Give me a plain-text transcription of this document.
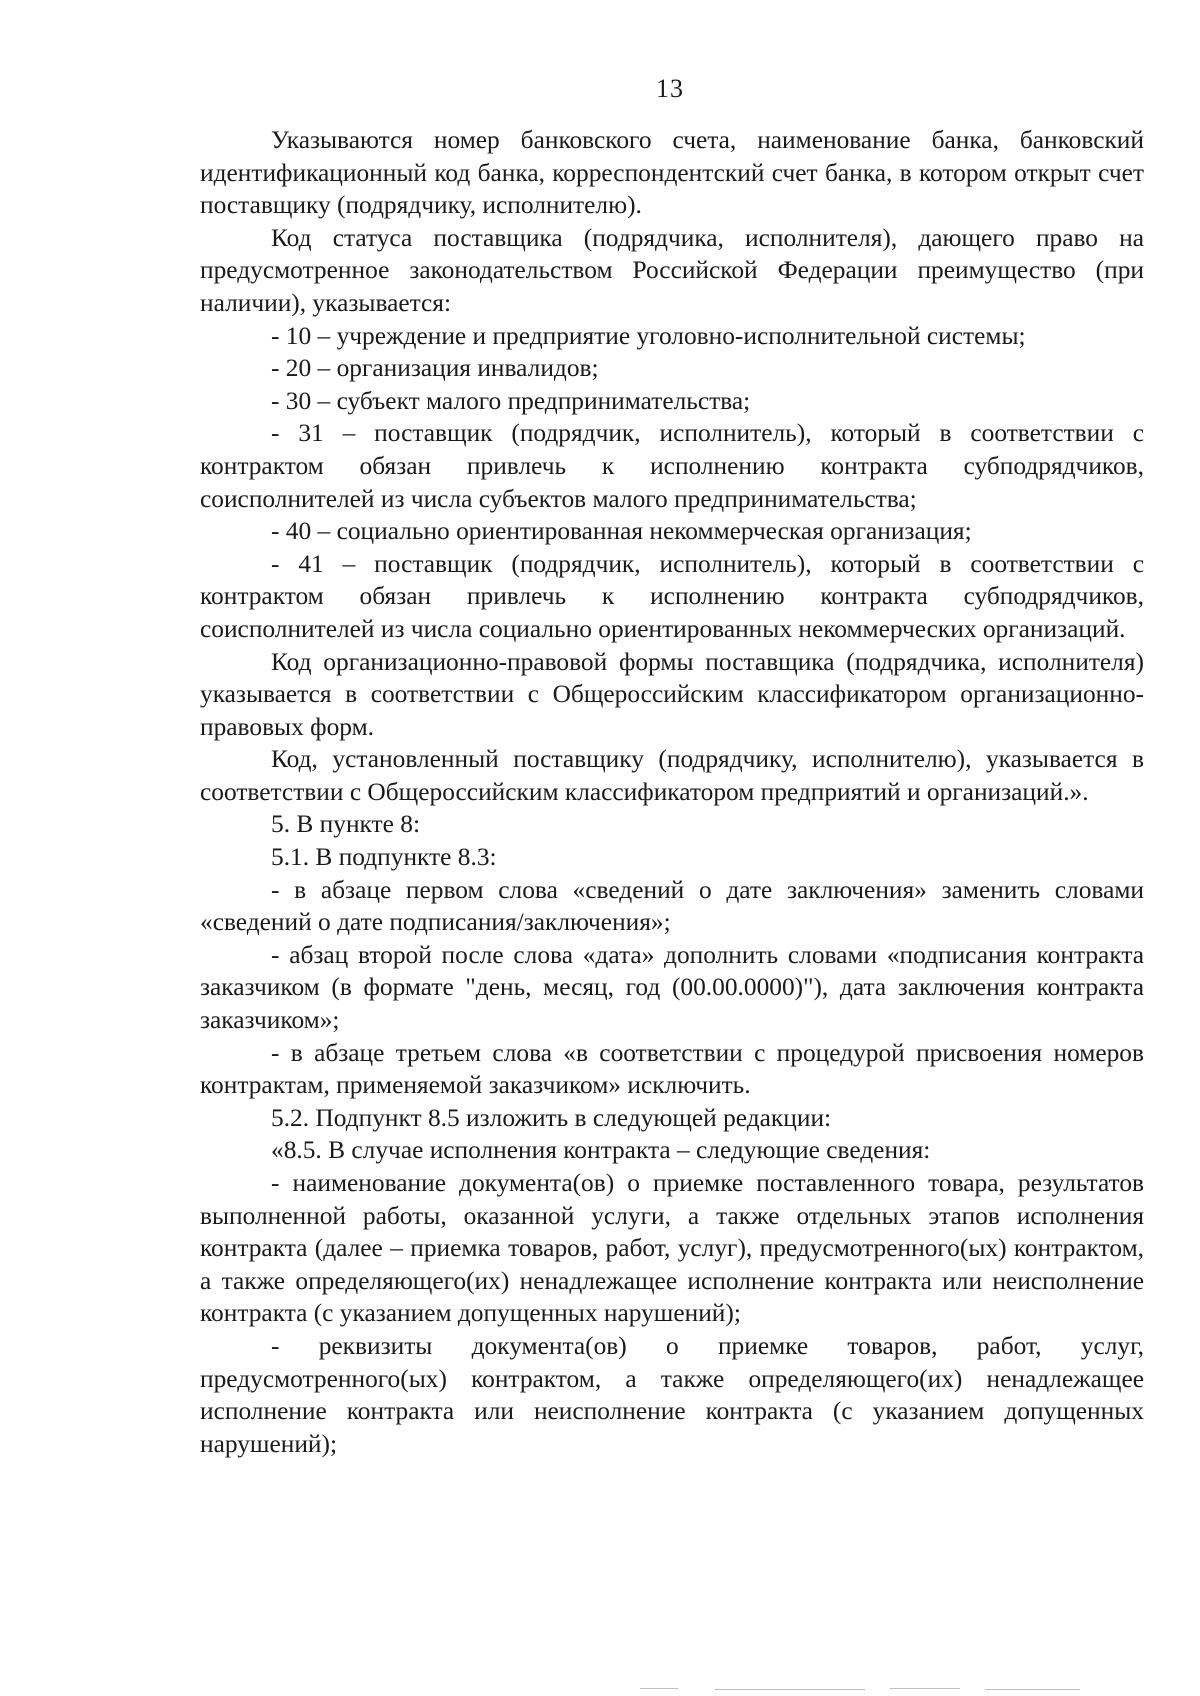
13

Указываются номер банковского счета, наименование банка, банковский идентификационный код банка, корреспондентский счет банка, в котором открыт счет поставщику (подрядчику, исполнителю).

Код статуса поставщика (подрядчика, исполнителя), дающего право на предусмотренное законодательством Российской Федерации преимущество (при наличии), указывается:

- 10 – учреждение и предприятие уголовно-исполнительной системы;

- 20 – организация инвалидов;

- 30 – субъект малого предпринимательства;

- 31 – поставщик (подрядчик, исполнитель), который в соответствии с контрактом обязан привлечь к исполнению контракта субподрядчиков, соисполнителей из числа субъектов малого предпринимательства;

- 40 – социально ориентированная некоммерческая организация;

- 41 – поставщик (подрядчик, исполнитель), который в соответствии с контрактом обязан привлечь к исполнению контракта субподрядчиков, соисполнителей из числа социально ориентированных некоммерческих организаций.

Код организационно-правовой формы поставщика (подрядчика, исполнителя) указывается в соответствии с Общероссийским классификатором организационно-правовых форм.

Код, установленный поставщику (подрядчику, исполнителю), указывается в соответствии с Общероссийским классификатором предприятий и организаций.».

5. В пункте 8:

5.1. В подпункте 8.3:

- в абзаце первом слова «сведений о дате заключения» заменить словами «сведений о дате подписания/заключения»;

- абзац второй после слова «дата» дополнить словами «подписания контракта заказчиком (в формате "день, месяц, год (00.00.0000)"), дата заключения контракта заказчиком»;

- в абзаце третьем слова «в соответствии с процедурой присвоения номеров контрактам, применяемой заказчиком» исключить.

5.2. Подпункт 8.5 изложить в следующей редакции:

«8.5. В случае исполнения контракта – следующие сведения:

- наименование документа(ов) о приемке поставленного товара, результатов выполненной работы, оказанной услуги, а также отдельных этапов исполнения контракта (далее – приемка товаров, работ, услуг), предусмотренного(ых) контрактом, а также определяющего(их) ненадлежащее исполнение контракта или неисполнение контракта (с указанием допущенных нарушений);

- реквизиты документа(ов) о приемке товаров, работ, услуг, предусмотренного(ых) контрактом, а также определяющего(их) ненадлежащее исполнение контракта или неисполнение контракта (с указанием допущенных нарушений);
